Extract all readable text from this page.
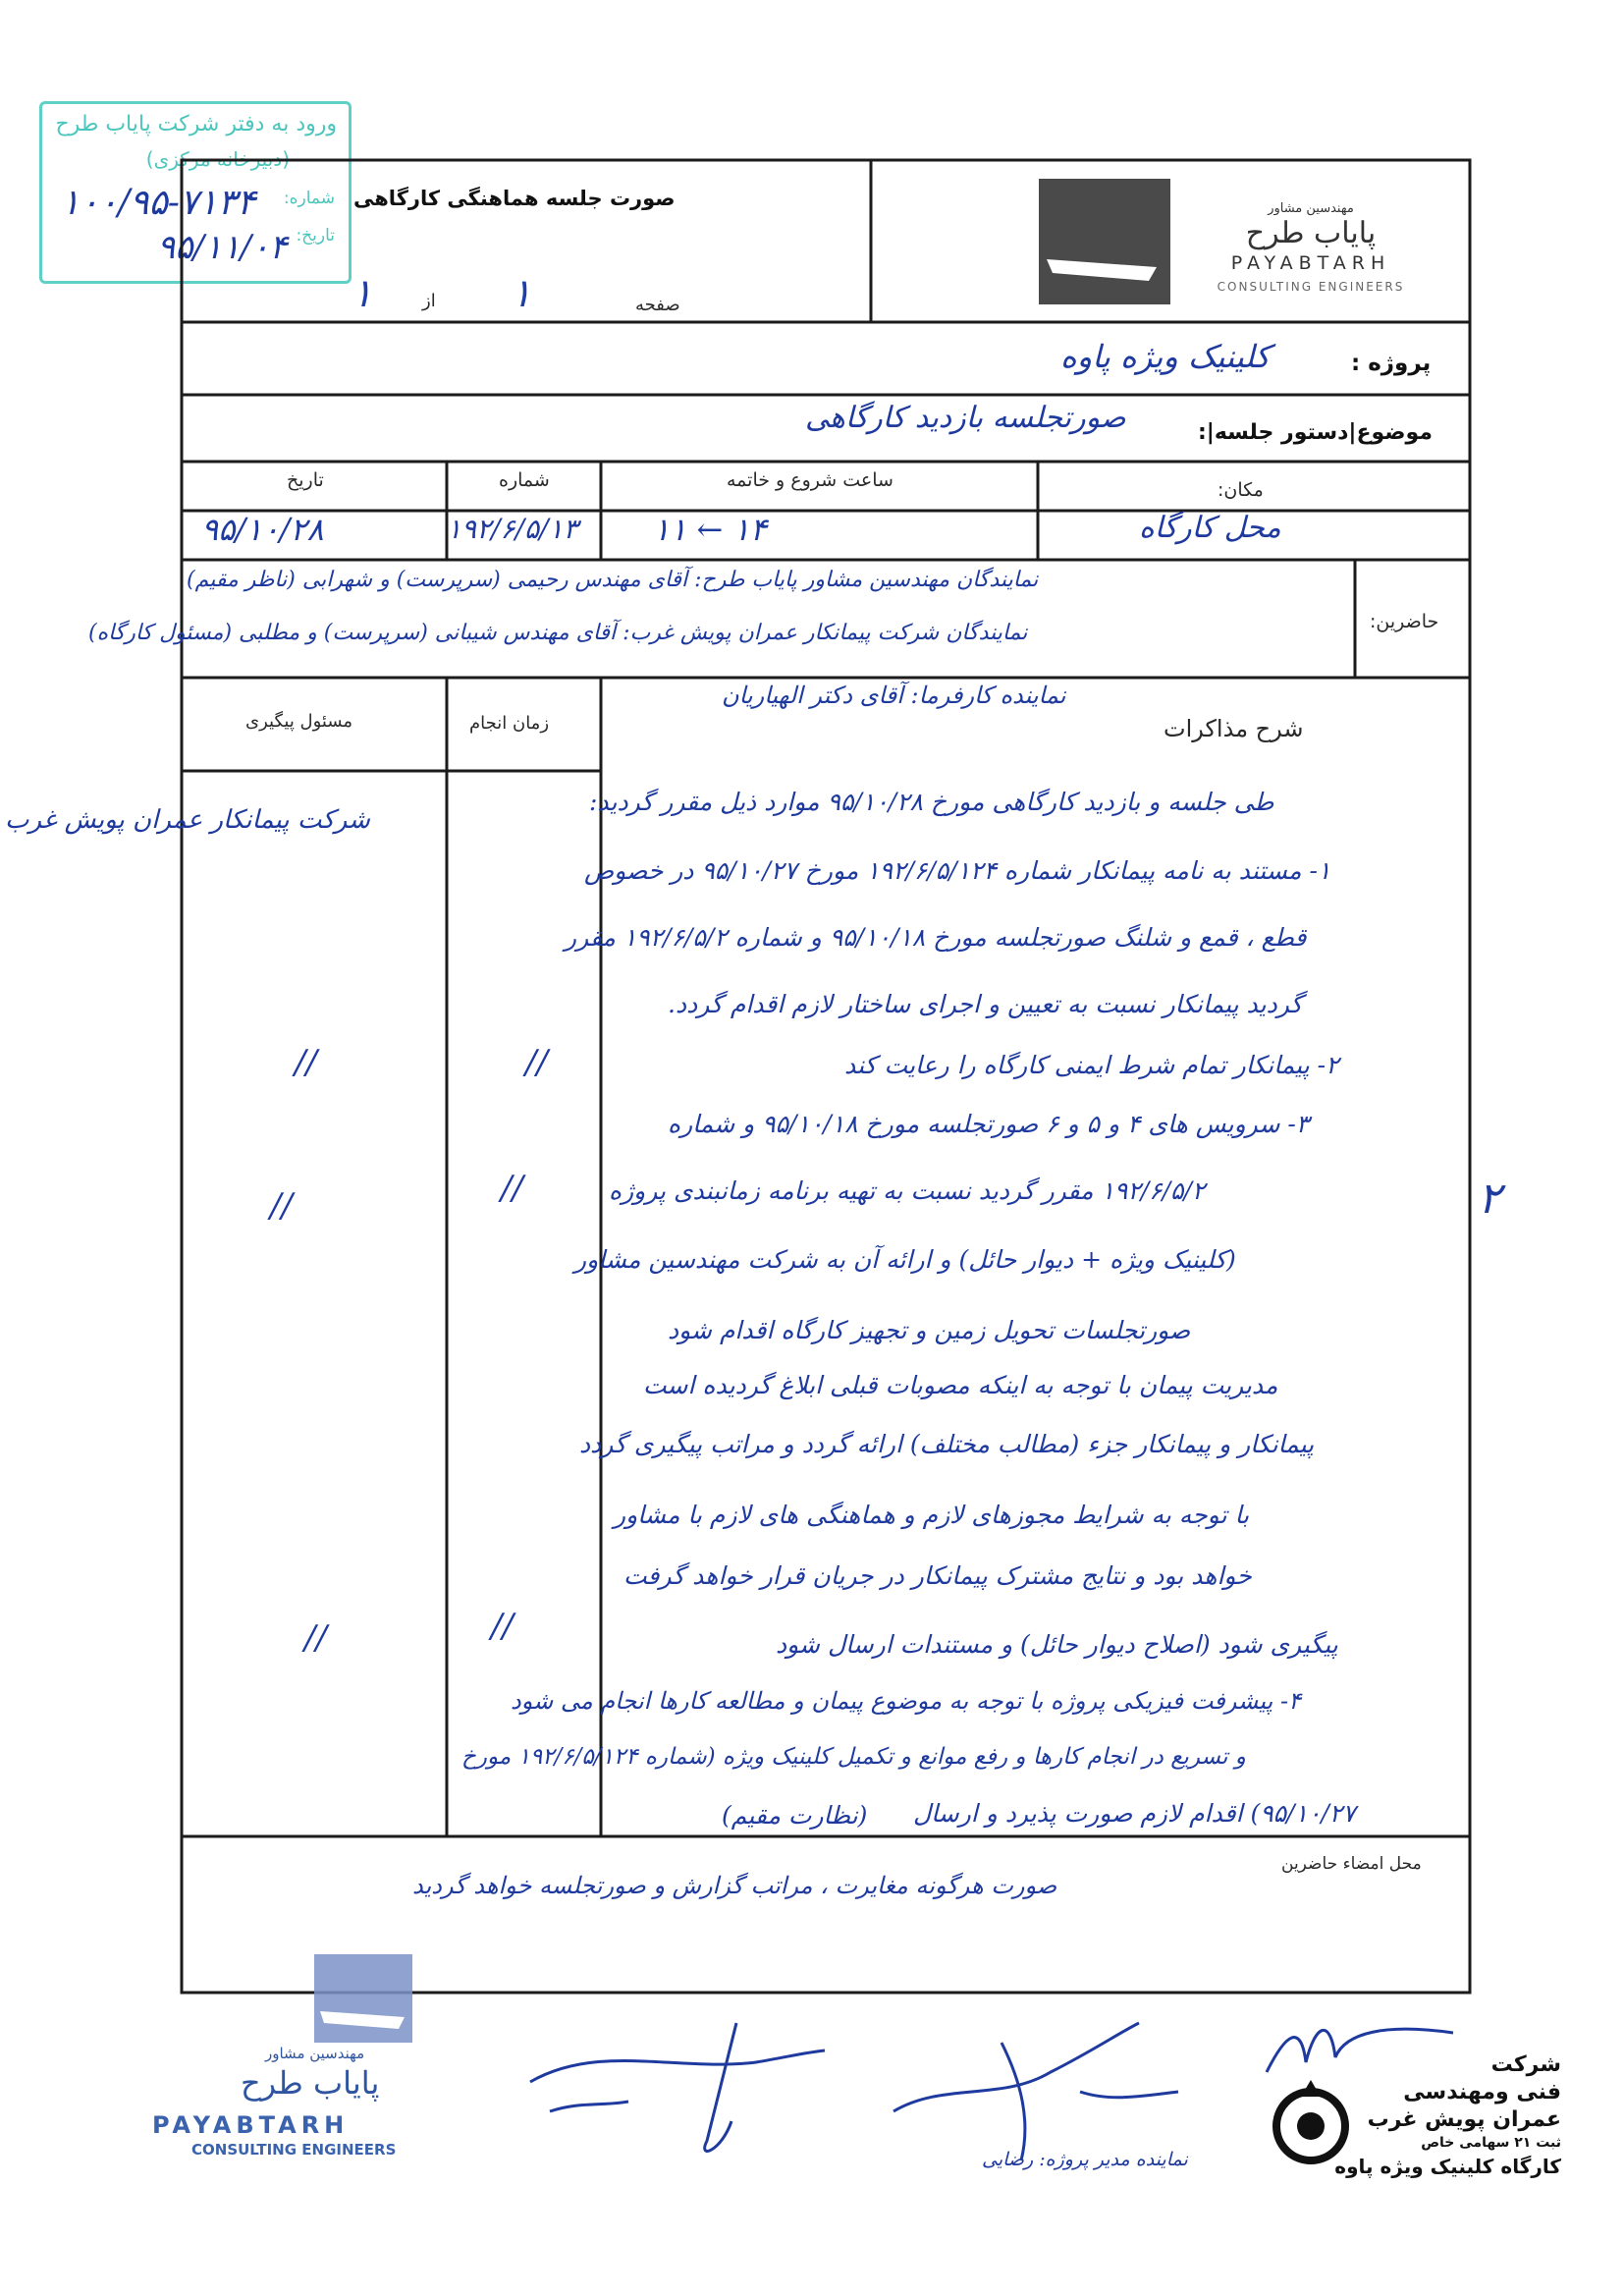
ورود به دفتر شرکت پایاب طرح
(دبیرخانه مرکزی)
شماره:
تاریخ:
۱۰۰/۹۵-۷۱۳۴
۹۵/۱۱/۰۴
صورت جلسه هماهنگی کارگاهی
صفحه
از ۱
۱
مهندسین مشاور
پایاب طرح
PAYABTARH
CONSULTING ENGINEERS
پروژه :
کلینیک ویژه پاوه
موضوع|دستور جلسه|:
صورتجلسه بازدید کارگاهی
تاریخ	شماره	ساعت شروع و خاتمه	مکان:
۹۵/۱۰/۲۸	۱۹۲/۶/۵/۱۳ ۱۴ ← ۱۱	محل کارگاه
حاضرین:
نمایندگان مهندسین مشاور پایاب طرح: آقای مهندس رحیمی (سرپرست) و شهرابی (ناظر مقیم)
نمایندگان شرکت پیمانکار عمران پویش غرب: آقای مهندس شیبانی (سرپرست) و مطلبی (مسئول کارگاه)
مسئول پیگیری	زمان انجام	شرح مذاکرات
نماینده کارفرما: آقای دکتر الهیاریان
شرکت پیمانکار عمران پویش غرب
طی جلسه و بازدید کارگاهی مورخ ۹۵/۱۰/۲۸ موارد ذیل مقرر گردید:
۱- مستند به نامه پیمانکار شماره ۱۹۲/۶/۵/۱۲۴ مورخ ۹۵/۱۰/۲۷ در خصوص
قطع ، قمع و شلنگ صورتجلسه مورخ ۹۵/۱۰/۱۸ و شماره ۱۹۲/۶/۵/۲ مقرر
گردید پیمانکار نسبت به تعیین و اجرای ساختار لازم اقدام گردد.
۲- پیمانکار تمام شرط ایمنی کارگاه را رعایت کند
۳- سرویس های ۴ و ۵ و ۶ صورتجلسه مورخ ۹۵/۱۰/۱۸ و شماره
۱۹۲/۶/۵/۲ مقرر گردید نسبت به تهیه برنامه زمانبندی پروژه
(کلینیک ویژه + دیوار حائل) و ارائه آن به شرکت مهندسین مشاور
صورتجلسات تحویل زمین و تجهیز کارگاه اقدام شود
مدیریت پیمان با توجه به اینکه مصوبات قبلی ابلاغ گردیده است
پیمانکار و پیمانکار جزء (مطالب مختلف) ارائه گردد و مراتب پیگیری گردد
با توجه به شرایط مجوزهای لازم و هماهنگی های لازم با مشاور
خواهد بود و نتایج مشترک پیمانکار در جریان قرار خواهد گرفت
پیگیری شود (اصلاح دیوار حائل) و مستندات ارسال شود
۴- پیشرفت فیزیکی پروژه با توجه به موضوع پیمان و مطالعه کارها انجام می شود
و تسریع در انجام کارها و رفع موانع و تکمیل کلینیک ویژه (شماره ۱۹۲/۶/۵/۱۲۴ مورخ
۹۵/۱۰/۲۷) اقدام لازم صورت پذیرد و ارسال
(نظارت مقیم)
۲
//	//
//	//
//	//
محل امضاء حاضرین
صورت هرگونه مغایرت ، مراتب گزارش و صورتجلسه خواهد گردید
مهندسین مشاور
پایاب طرح
PAYABTARH
CONSULTING ENGINEERS	نماینده مدیر پروژه: رضایی
شرکت
فنی ومهندسی
عمران پویش غرب
ثبت ۲۱ سهامی خاص
کارگاه کلینیک ویژه پاوه
